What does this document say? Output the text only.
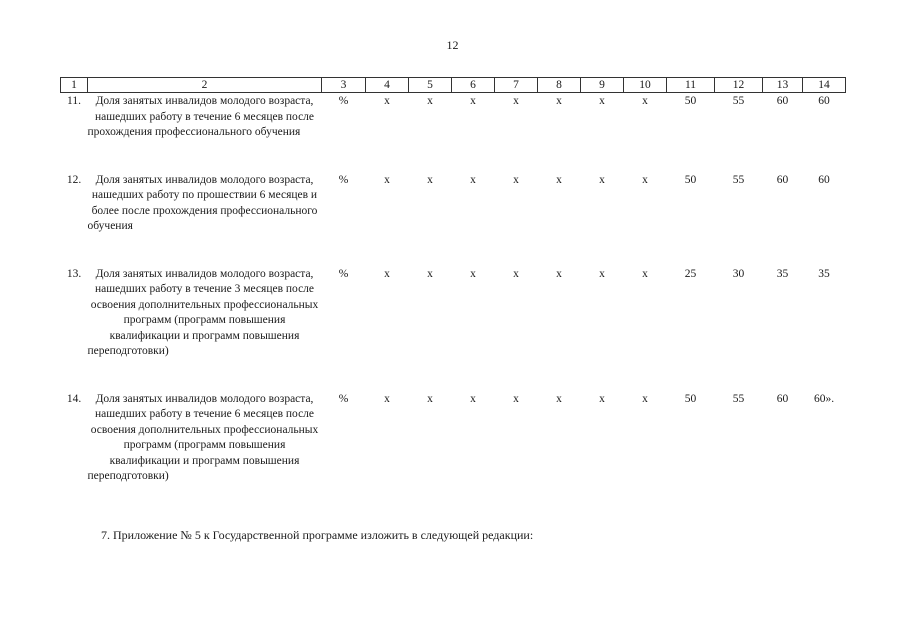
12
1	2	3	4	5	6	7	8	9	10	11	12	13	14
11.	Доля занятых инвалидов молодого возраста, нашедших работу в течение 6 месяцев после прохождения профессионального обучения	%	х	х	х	х	х	х	х	50	55	60	60
12.	Доля занятых инвалидов молодого возраста, нашедших работу по прошествии 6 месяцев и более после прохождения профессионального обучения	%	х	х	х	х	х	х	х	50	55	60	60
13.	Доля занятых инвалидов молодого возраста, нашедших работу в течение 3 месяцев после освоения дополнительных профессиональных программ (программ повышения квалификации и программ повышения переподготовки)	%	х	х	х	х	х	х	х	25	30	35	35
14.	Доля занятых инвалидов молодого возраста, нашедших работу в течение 6 месяцев после освоения дополнительных профессиональных программ (программ повышения квалификации и программ повышения переподготовки)	%	х	х	х	х	х	х	х	50	55	60	60».
7. Приложение № 5 к Государственной программе изложить в следующей редакции:
